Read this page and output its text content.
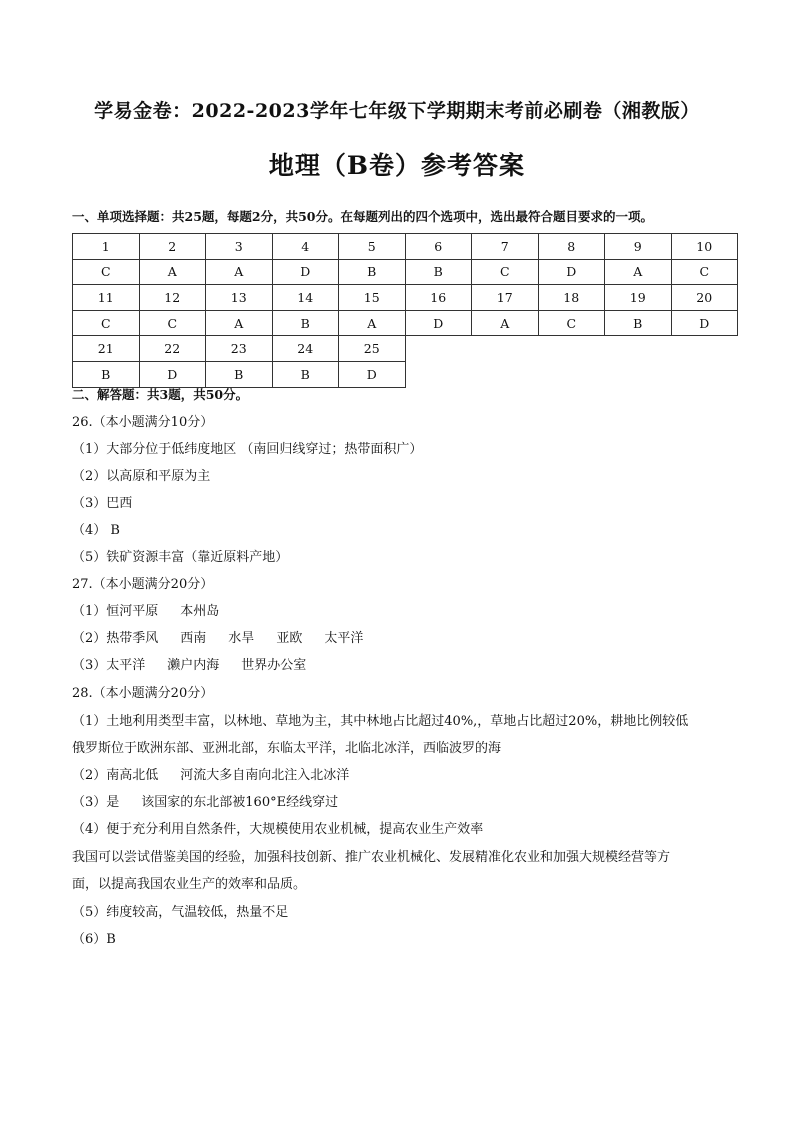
学易金卷：2022-2023学年七年级下学期期末考前必刷卷（湘教版）
地理（B卷）参考答案
一、单项选择题：共25题，每题2分，共50分。在每题列出的四个选项中，选出最符合题目要求的一项。
1	2	3	4	5	6	7	8	9	10
C	A	A	D	B	B	C	D	A	C
11	12	13	14	15	16	17	18	19	20
C	C	A	B	A	D	A	C	B	D
21	22	23	24	25					
B	D	B	B	D					
二、解答题：共3题，共50分。
26.（本小题满分10分）
（1）大部分位于低纬度地区 （南回归线穿过；热带面积广）
（2）以高原和平原为主
（3）巴西
（4） B
（5）铁矿资源丰富（靠近原料产地）
27.（本小题满分20分）
（1）恒河平原 本州岛
（2）热带季风 西南 水旱 亚欧 太平洋
（3）太平洋 濑户内海 世界办公室
28.（本小题满分20分）
（1）土地利用类型丰富，以林地、草地为主，其中林地占比超过40%,，草地占比超过20%，耕地比例较低
俄罗斯位于欧洲东部、亚洲北部，东临太平洋，北临北冰洋，西临波罗的海
（2）南高北低 河流大多自南向北注入北冰洋
（3）是 该国家的东北部被160°E经线穿过
（4）便于充分利用自然条件，大规模使用农业机械，提高农业生产效率
我国可以尝试借鉴美国的经验，加强科技创新、推广农业机械化、发展精准化农业和加强大规模经营等方
面，以提高我国农业生产的效率和品质。
（5）纬度较高，气温较低，热量不足
（6）B
